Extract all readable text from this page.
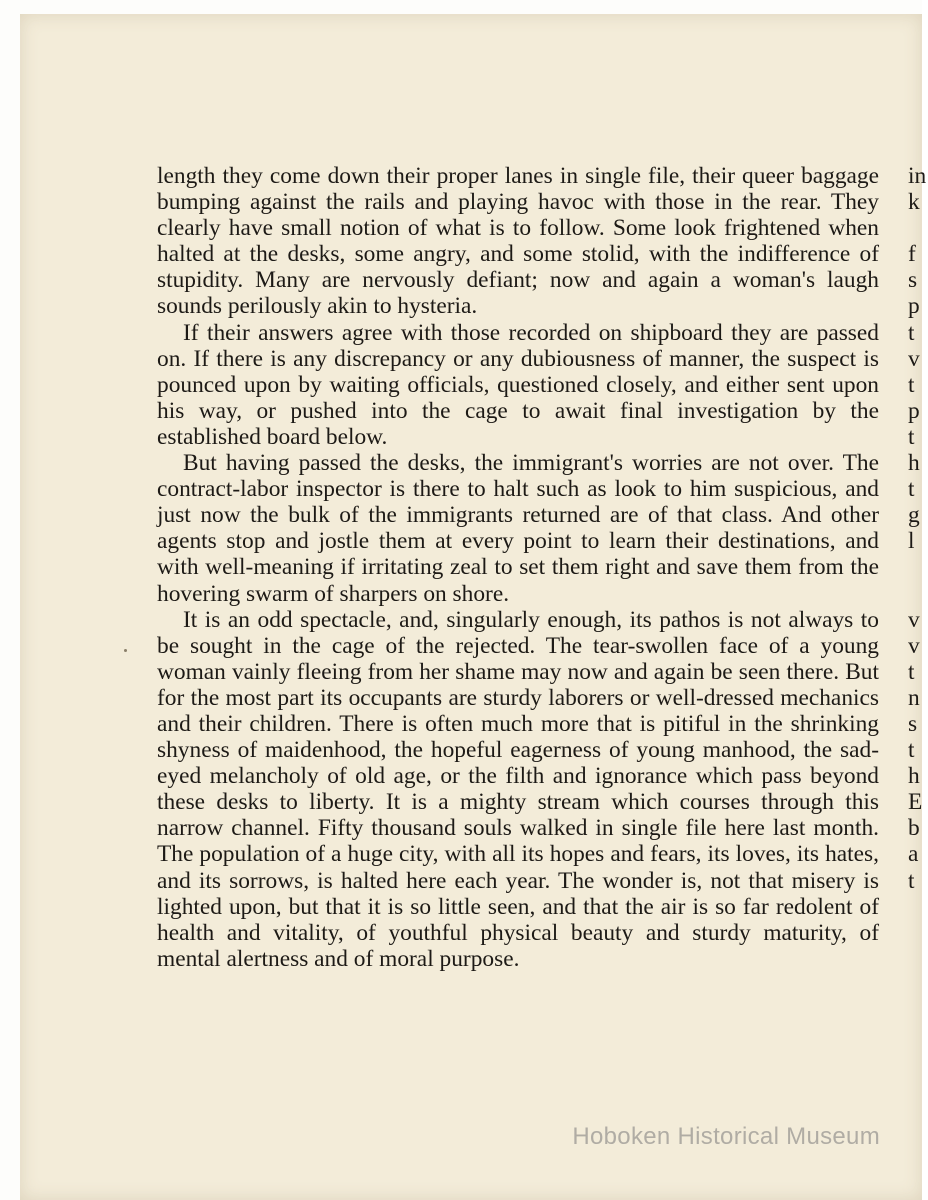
length they come down their proper lanes in single file, their queer baggage bumping against the rails and playing havoc with those in the rear. They clearly have small notion of what is to follow. Some look frightened when halted at the desks, some angry, and some stolid, with the indifference of stupidity. Many are nervously defiant; now and again a woman's laugh sounds perilously akin to hysteria.

If their answers agree with those recorded on shipboard they are passed on. If there is any discrepancy or any dubiousness of manner, the suspect is pounced upon by waiting officials, questioned closely, and either sent upon his way, or pushed into the cage to await final investigation by the established board below.

But having passed the desks, the immigrant's worries are not over. The contract-labor inspector is there to halt such as look to him suspicious, and just now the bulk of the immigrants returned are of that class. And other agents stop and jostle them at every point to learn their destinations, and with well-meaning if irritating zeal to set them right and save them from the hovering swarm of sharpers on shore.

It is an odd spectacle, and, singularly enough, its pathos is not always to be sought in the cage of the rejected. The tear-swollen face of a young woman vainly fleeing from her shame may now and again be seen there. But for the most part its occupants are sturdy laborers or well-dressed mechanics and their children. There is often much more that is pitiful in the shrinking shyness of maidenhood, the hopeful eagerness of young manhood, the sad-eyed melancholy of old age, or the filth and ignorance which pass beyond these desks to liberty. It is a mighty stream which courses through this narrow channel. Fifty thousand souls walked in single file here last month. The population of a huge city, with all its hopes and fears, its loves, its hates, and its sorrows, is halted here each year. The wonder is, not that misery is lighted upon, but that it is so little seen, and that the air is so far redolent of health and vitality, of youthful physical beauty and sturdy maturity, of mental alertness and of moral purpose.

in
k
f
s
p
t
v
t
p
t
h
t
g
l
v
v
t
n
s
t
h
E
b
a
t
Hoboken Historical Museum
